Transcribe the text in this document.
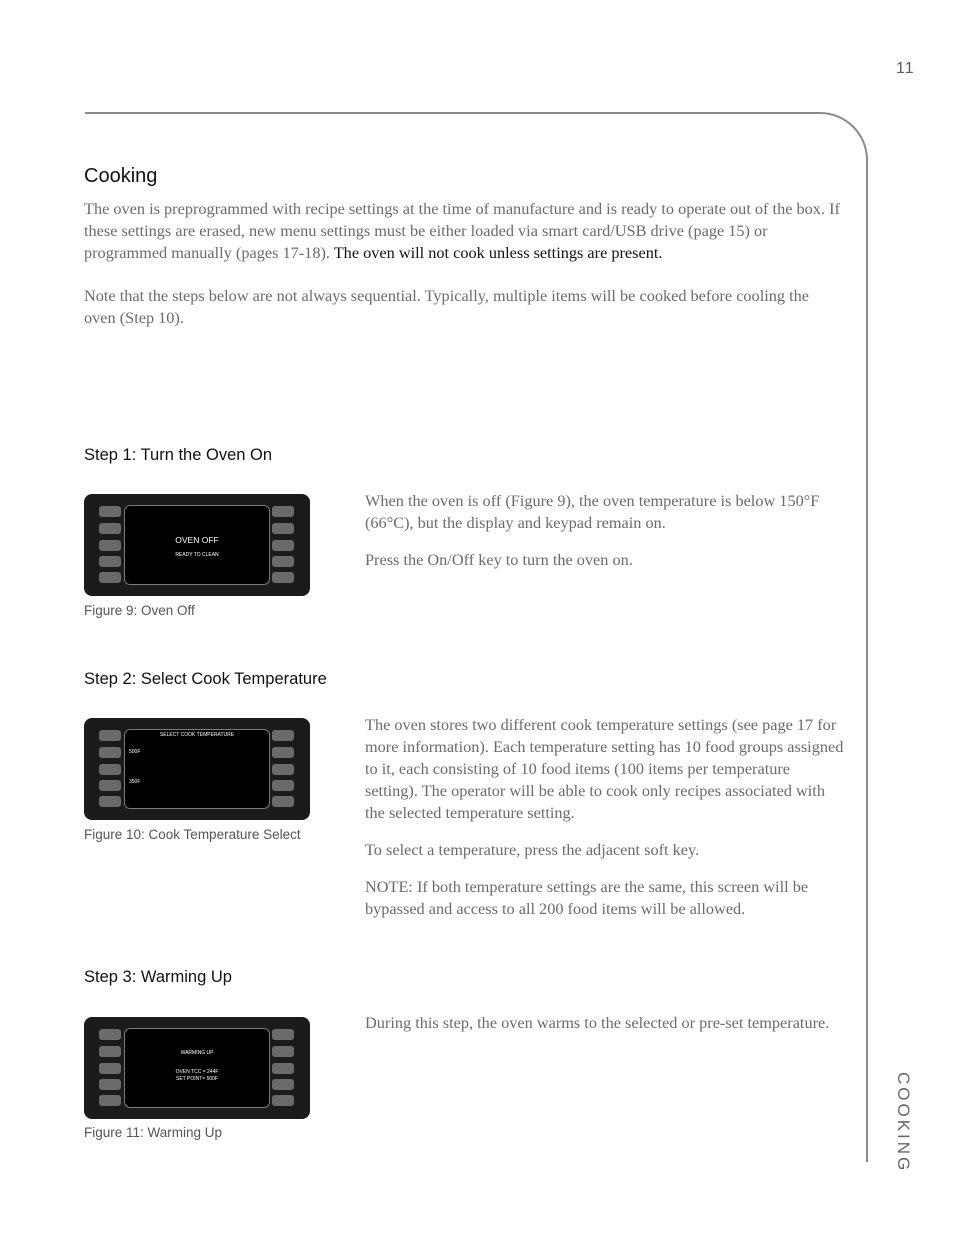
11
COOKING
Cooking
The oven is preprogrammed with recipe settings at the time of manufacture and is ready to operate out of the box. If these settings are erased, new menu settings must be either loaded via smart card/USB drive (page 15) or programmed manually (pages 17-18). The oven will not cook unless settings are present.
Note that the steps below are not always sequential. Typically, multiple items will be cooked before cooling the oven (Step 10).
Step 1: Turn the Oven On
OVEN OFF
READY TO CLEAN
Figure 9: Oven Off
When the oven is off (Figure 9), the oven temperature is below 150°F (66°C), but the display and keypad remain on.
Press the On/Off key to turn the oven on.
Step 2: Select Cook Temperature
SELECT COOK TEMPERATURE
500F
350F
Figure 10: Cook Temperature Select
The oven stores two different cook temperature settings (see page 17 for more information). Each temperature setting has 10 food groups assigned to it, each consisting of 10 food items (100 items per temperature setting). The operator will be able to cook only recipes associated with the selected temperature setting.
To select a temperature, press the adjacent soft key.
NOTE: If both temperature settings are the same, this screen will be bypassed and access to all 200 food items will be allowed.
Step 3: Warming Up
WARMING UP
OVEN TCC = 244F
SET POINT= 500F
Figure 11: Warming Up
During this step, the oven warms to the selected or pre-set temperature.
